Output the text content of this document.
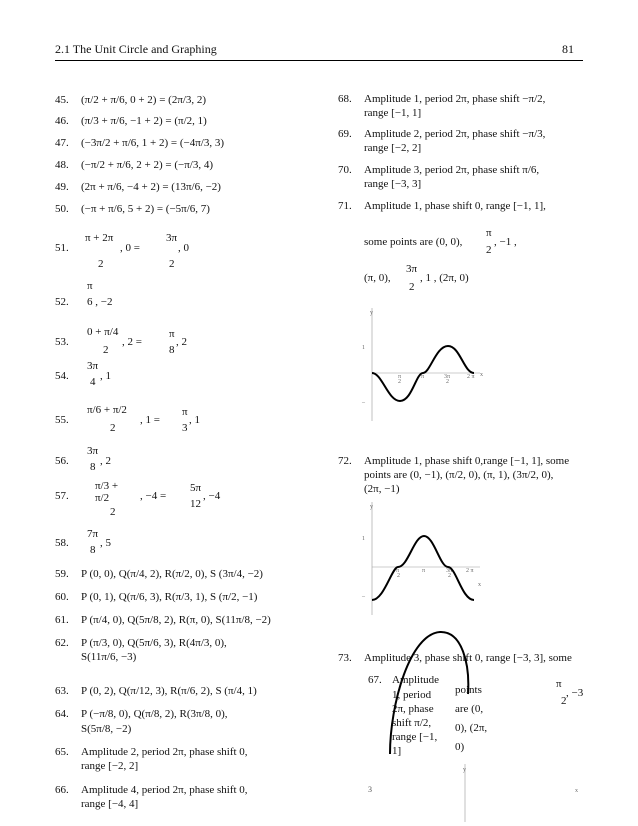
2.1 The Unit Circle and Graphing	81
45. (π/2 + π/6, 0 + 2) = (2π/3, 2)
46. (π/3 + π/6, −1 + 2) = (π/2, 1)
47. (−3π/2 + π/6, 1 + 2) = (−4π/3, 3)
48. (−π/2 + π/6, 2 + 2) = (−π/3, 4)
49. (2π + π/6, −4 + 2) = (13π/6, −2)
50. (−π + π/6, 5 + 2) = (−5π/6, 7)
51.
π + 2π
, 0 =
2
3π
, 0
2
52.
π
6 , −2
53.
0 + π/4
, 2 =
2
π
, 2
8
54.
3π
, 1
4
55.
π/6 + π/2
, 1 =
2
π
, 1
3
56.
3π
, 2
8
57.
π/3 +
π/2	, −4 =
2
5π
, −4
12
58.
7π
, 5
8
59. P (0, 0), Q(π/4, 2), R(π/2, 0), S (3π/4, −2)
60. P (0, 1), Q(π/6, 3), R(π/3, 1), S (π/2, −1)
61. P (π/4, 0), Q(5π/8, 2), R(π, 0), S(11π/8, −2)
62. P (π/3, 0), Q(5π/6, 3), R(4π/3, 0),
S(11π/6, −3)
63. P (0, 2), Q(π/12, 3), R(π/6, 2), S (π/4, 1)
64. P (−π/8, 0), Q(π/8, 2), R(3π/8, 0),
S(5π/8, −2)
65. Amplitude 2, period 2π, phase shift 0,
range [−2, 2]
66. Amplitude 4, period 2π, phase shift 0,
range [−4, 4]
68. Amplitude 1, period 2π, phase shift −π/2,
range [−1, 1]
69. Amplitude 2, period 2π, phase shift −π/3,
range [−2, 2]
70. Amplitude 3, period 2π, phase shift π/6,
range [−3, 3]
71. Amplitude 1, phase shift 0, range [−1, 1],
some points are (0, 0),
π
, −1 ,
2
(π, 0),
3π
, 1 , (2π, 0)
2
y
x
1
–
π
2
π	3π
2
2 π
72. Amplitude 1, phase shift 0,range [−1, 1], some
points are (0, −1), (π/2, 0), (π, 1), (3π/2, 0),
(2π, −1)
y
x
1
–
π
2
π	3π
2
2 π
73. Amplitude 3, phase shift 0, range [−3, 3], some
y
3	x
67. Amplitude
1, period
2π, phase
shift π/2,
range [−1,
1]
points
are (0,
0), (2π,
0)
π
, −3
2
